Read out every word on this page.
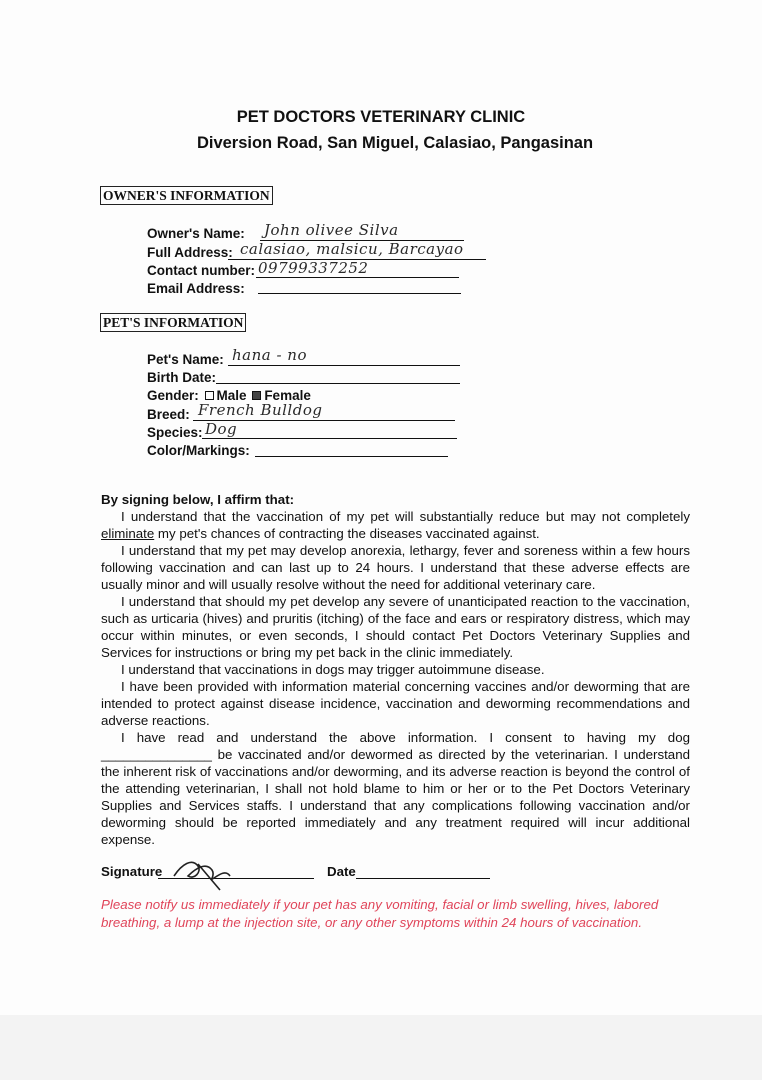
PET DOCTORS VETERINARY CLINIC
Diversion Road, San Miguel, Calasiao, Pangasinan
OWNER'S INFORMATION
Owner's Name: John olivee Silva
Full Address: calasiao, malsicu, Barcayao
Contact number: 09799337252
Email Address:
PET'S INFORMATION
Pet's Name: hana - no
Birth Date:
Gender: Male Female
Breed: French Bulldog
Species: Dog
Color/Markings:
By signing below, I affirm that:

I understand that the vaccination of my pet will substantially reduce but may not completely eliminate my pet's chances of contracting the diseases vaccinated against.

I understand that my pet may develop anorexia, lethargy, fever and soreness within a few hours following vaccination and can last up to 24 hours. I understand that these adverse effects are usually minor and will usually resolve without the need for additional veterinary care.

I understand that should my pet develop any severe of unanticipated reaction to the vaccination, such as urticaria (hives) and pruritis (itching) of the face and ears or respiratory distress, which may occur within minutes, or even seconds, I should contact Pet Doctors Veterinary Supplies and Services for instructions or bring my pet back in the clinic immediately.

I understand that vaccinations in dogs may trigger autoimmune disease.

I have been provided with information material concerning vaccines and/or deworming that are intended to protect against disease incidence, vaccination and deworming recommendations and adverse reactions.

I have read and understand the above information. I consent to having my dog _______________ be vaccinated and/or dewormed as directed by the veterinarian. I understand the inherent risk of vaccinations and/or deworming, and its adverse reaction is beyond the control of the attending veterinarian, I shall not hold blame to him or her or to the Pet Doctors Veterinary Supplies and Services staffs. I understand that any complications following vaccination and/or deworming should be reported immediately and any treatment required will incur additional expense.

Signature	Date
Please notify us immediately if your pet has any vomiting, facial or limb swelling, hives, labored breathing, a lump at the injection site, or any other symptoms within 24 hours of vaccination.
